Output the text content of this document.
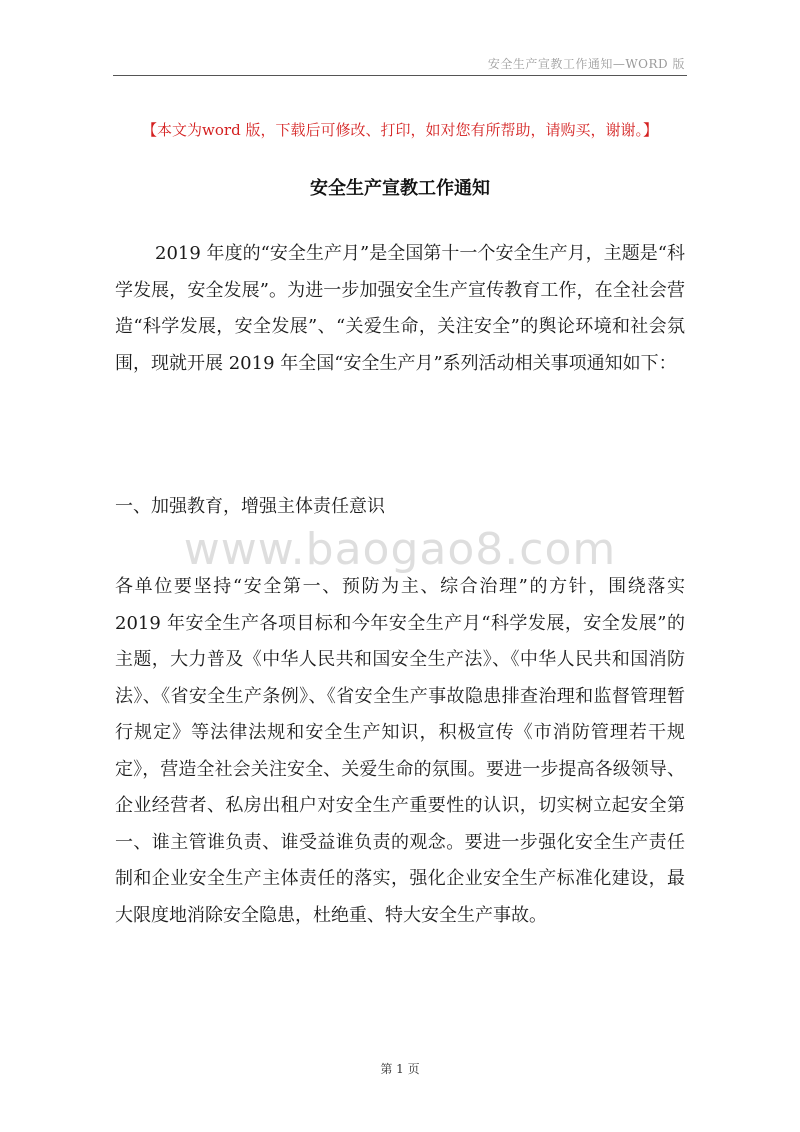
安全生产宣教工作通知—WORD 版
【本文为word 版，下载后可修改、打印，如对您有所帮助，请购买，谢谢。】
安全生产宣教工作通知

2019 年度的“安全生产月”是全国第十一个安全生产月，主题是“科学发展，安全发展”。为进一步加强安全生产宣传教育工作，在全社会营造“科学发展，安全发展”、“关爱生命，关注安全”的舆论环境和社会氛围，现就开展 2019 年全国“安全生产月”系列活动相关事项通知如下：

一、加强教育，增强主体责任意识

www.baogao8.com

各单位要坚持“安全第一、预防为主、综合治理”的方针，围绕落实 2019 年安全生产各项目标和今年安全生产月“科学发展，安全发展”的主题，大力普及《中华人民共和国安全生产法》、《中华人民共和国消防法》、《省安全生产条例》、《省安全生产事故隐患排查治理和监督管理暂行规定》等法律法规和安全生产知识，积极宣传《市消防管理若干规定》，营造全社会关注安全、关爱生命的氛围。要进一步提高各级领导、企业经营者、私房出租户对安全生产重要性的认识，切实树立起安全第一、谁主管谁负责、谁受益谁负责的观念。要进一步强化安全生产责任制和企业安全生产主体责任的落实，强化企业安全生产标准化建设，最大限度地消除安全隐患，杜绝重、特大安全生产事故。

第 1 页
